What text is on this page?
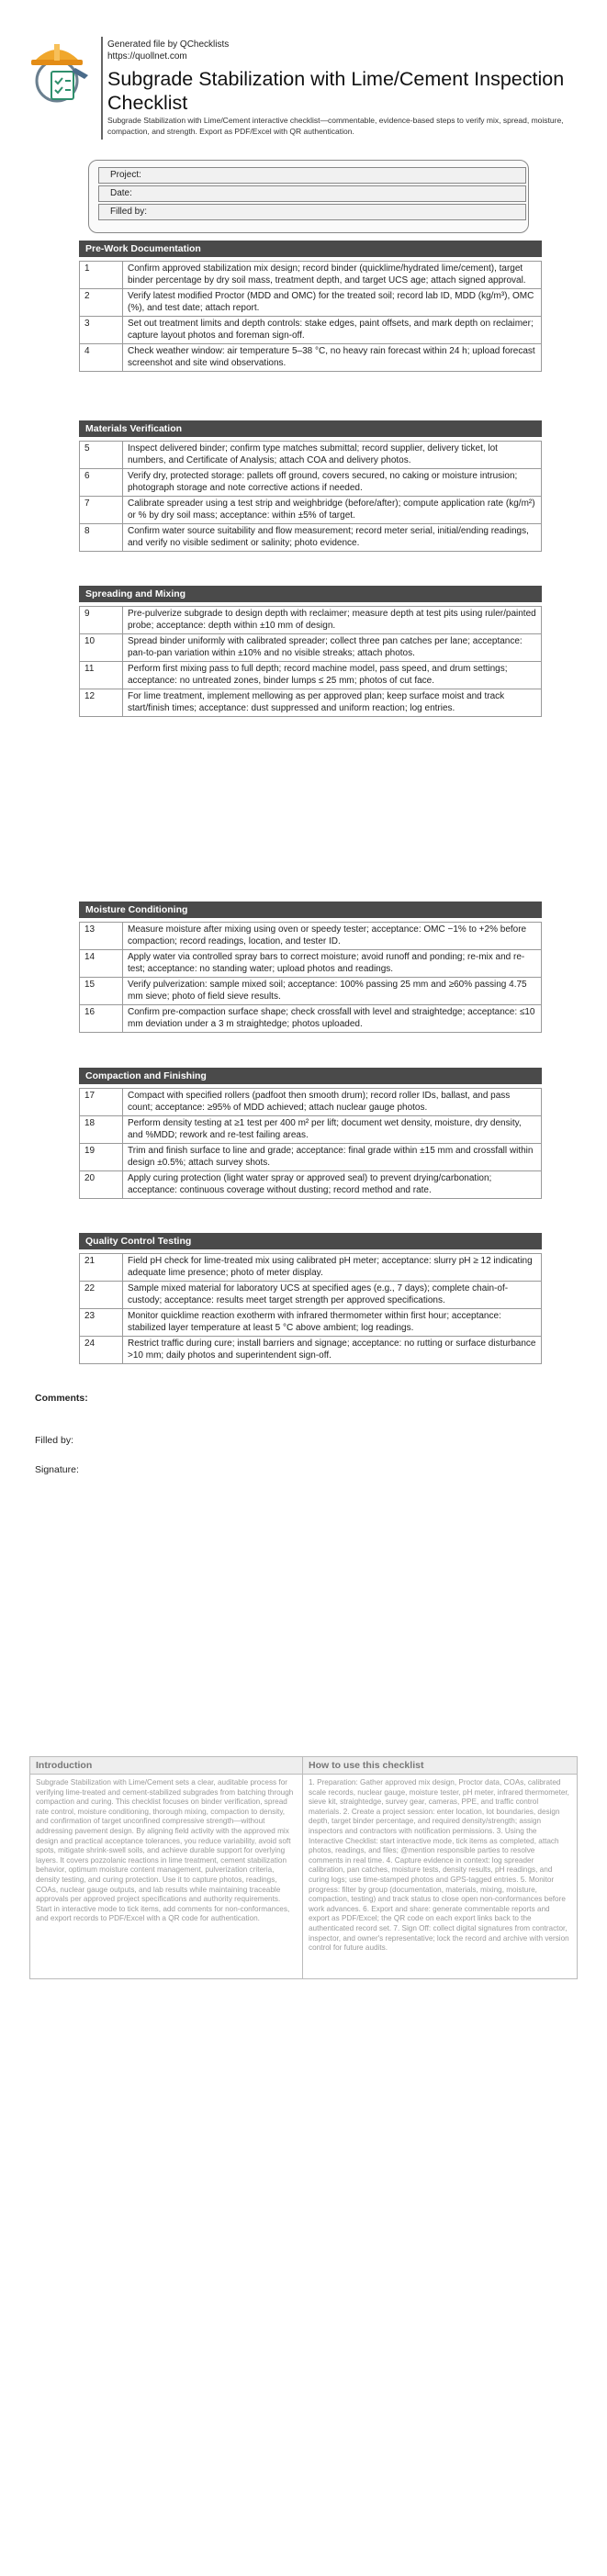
Generated file by QChecklists
https://quollnet.com
Subgrade Stabilization with Lime/Cement Inspection Checklist
Subgrade Stabilization with Lime/Cement interactive checklist—commentable, evidence-based steps to verify mix, spread, moisture, compaction, and strength. Export as PDF/Excel with QR authentication.
Project:
Date:
Filled by:
Pre-Work Documentation
1	Confirm approved stabilization mix design; record binder (quicklime/hydrated lime/cement), target binder percentage by dry soil mass, treatment depth, and target UCS age; attach signed approval.
2	Verify latest modified Proctor (MDD and OMC) for the treated soil; record lab ID, MDD (kg/m³), OMC (%), and test date; attach report.
3	Set out treatment limits and depth controls: stake edges, paint offsets, and mark depth on reclaimer; capture layout photos and foreman sign-off.
4	Check weather window: air temperature 5–38 °C, no heavy rain forecast within 24 h; upload forecast screenshot and site wind observations.
Materials Verification
5	Inspect delivered binder; confirm type matches submittal; record supplier, delivery ticket, lot numbers, and Certificate of Analysis; attach COA and delivery photos.
6	Verify dry, protected storage: pallets off ground, covers secured, no caking or moisture intrusion; photograph storage and note corrective actions if needed.
7	Calibrate spreader using a test strip and weighbridge (before/after); compute application rate (kg/m²) or % by dry soil mass; acceptance: within ±5% of target.
8	Confirm water source suitability and flow measurement; record meter serial, initial/ending readings, and verify no visible sediment or salinity; photo evidence.
Spreading and Mixing
9	Pre-pulverize subgrade to design depth with reclaimer; measure depth at test pits using ruler/painted probe; acceptance: depth within ±10 mm of design.
10	Spread binder uniformly with calibrated spreader; collect three pan catches per lane; acceptance: pan-to-pan variation within ±10% and no visible streaks; attach photos.
11	Perform first mixing pass to full depth; record machine model, pass speed, and drum settings; acceptance: no untreated zones, binder lumps ≤ 25 mm; photos of cut face.
12	For lime treatment, implement mellowing as per approved plan; keep surface moist and track start/finish times; acceptance: dust suppressed and uniform reaction; log entries.
Moisture Conditioning
13	Measure moisture after mixing using oven or speedy tester; acceptance: OMC −1% to +2% before compaction; record readings, location, and tester ID.
14	Apply water via controlled spray bars to correct moisture; avoid runoff and ponding; re-mix and re-test; acceptance: no standing water; upload photos and readings.
15	Verify pulverization: sample mixed soil; acceptance: 100% passing 25 mm and ≥60% passing 4.75 mm sieve; photo of field sieve results.
16	Confirm pre-compaction surface shape; check crossfall with level and straightedge; acceptance: ≤10 mm deviation under a 3 m straightedge; photos uploaded.
Compaction and Finishing
17	Compact with specified rollers (padfoot then smooth drum); record roller IDs, ballast, and pass count; acceptance: ≥95% of MDD achieved; attach nuclear gauge photos.
18	Perform density testing at ≥1 test per 400 m² per lift; document wet density, moisture, dry density, and %MDD; rework and re-test failing areas.
19	Trim and finish surface to line and grade; acceptance: final grade within ±15 mm and crossfall within design ±0.5%; attach survey shots.
20	Apply curing protection (light water spray or approved seal) to prevent drying/carbonation; acceptance: continuous coverage without dusting; record method and rate.
Quality Control Testing
21	Field pH check for lime-treated mix using calibrated pH meter; acceptance: slurry pH ≥ 12 indicating adequate lime presence; photo of meter display.
22	Sample mixed material for laboratory UCS at specified ages (e.g., 7 days); complete chain-of-custody; acceptance: results meet target strength per approved specifications.
23	Monitor quicklime reaction exotherm with infrared thermometer within first hour; acceptance: stabilized layer temperature at least 5 °C above ambient; log readings.
24	Restrict traffic during cure; install barriers and signage; acceptance: no rutting or surface disturbance >10 mm; daily photos and superintendent sign-off.
Comments:
Filled by:
Signature:
Introduction
Subgrade Stabilization with Lime/Cement sets a clear, auditable process for verifying lime-treated and cement-stabilized subgrades from batching through compaction and curing. This checklist focuses on binder verification, spread rate control, moisture conditioning, thorough mixing, compaction to density, and confirmation of target unconfined compressive strength—without addressing pavement design. By aligning field activity with the approved mix design and practical acceptance tolerances, you reduce variability, avoid soft spots, mitigate shrink-swell soils, and achieve durable support for overlying layers. It covers pozzolanic reactions in lime treatment, cement stabilization behavior, optimum moisture content management, pulverization criteria, density testing, and curing protection. Use it to capture photos, readings, COAs, nuclear gauge outputs, and lab results while maintaining traceable approvals per approved project specifications and authority requirements. Start in interactive mode to tick items, add comments for non-conformances, and export records to PDF/Excel with a QR code for authentication.
How to use this checklist
1. Preparation: Gather approved mix design, Proctor data, COAs, calibrated scale records, nuclear gauge, moisture tester, pH meter, infrared thermometer, sieve kit, straightedge, survey gear, cameras, PPE, and traffic control materials. 2. Create a project session: enter location, lot boundaries, design depth, target binder percentage, and required density/strength; assign inspectors and contractors with notification permissions. 3. Using the Interactive Checklist: start interactive mode, tick items as completed, attach photos, readings, and files; @mention responsible parties to resolve comments in real time. 4. Capture evidence in context: log spreader calibration, pan catches, moisture tests, density results, pH readings, and curing logs; use time-stamped photos and GPS-tagged entries. 5. Monitor progress: filter by group (documentation, materials, mixing, moisture, compaction, testing) and track status to close open non-conformances before work advances. 6. Export and share: generate commentable reports and export as PDF/Excel; the QR code on each export links back to the authenticated record set. 7. Sign Off: collect digital signatures from contractor, inspector, and owner's representative; lock the record and archive with version control for future audits.
